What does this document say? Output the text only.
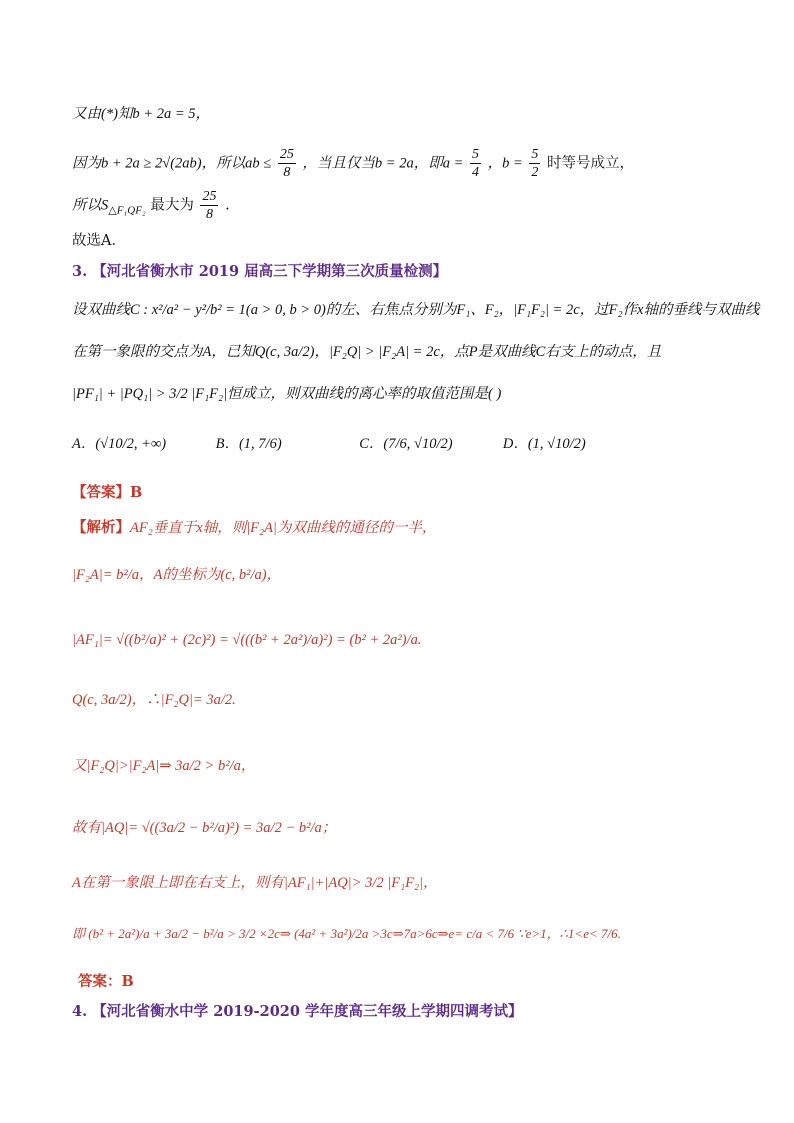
又由(*)知b + 2a = 5，
因为b + 2a ≥ 2√(2ab)，所以ab ≤ $\frac{25}{8}$ ，当且仅当b = 2a，即$a = \frac{5}{4}$ ，$b = \frac{5}{2}$ 时等号成立，
所以$S_{\triangle F_1QF_2}$ 最大为 $\frac{25}{8}$ .
故选A．
3. 【河北省衡水市 2019 届高三下学期第三次质量检测】
设双曲线C : x²/a² − y²/b² = 1(a > 0, b > 0)的左、右焦点分别为F₁、F₂，|F₁F₂| = 2c，过F₂作x轴的垂线与双曲线
在第一象限的交点为A，已知Q(c, 3a/2)，|F₂Q| > |F₂A| = 2c，点P是双曲线C右支上的动点，且
|PF₁| + |PQ₁| > 3/2 |F₁F₂|恒成立，则双曲线的离心率的取值范围是( )
A．(√10/2, +∞)	B．(1, 7/6)	C．(7/6, √10/2)	D．(1, √10/2)
【答案】B
【解析】AF₂垂直于x轴，则|F₂A|为双曲线的通径的一半，
|F₂A|= b²/a，A的坐标为(c, b²/a)，
|AF₁|= √((b²/a)² + (2c)²) = √(((b² + 2a²)/a)²) = (b² + 2a²)/a.
Q(c, 3a/2)，∴|F₂Q|= 3a/2.
又|F₂Q|>|F₂A|⇒ 3a/2 > b²/a，
故有|AQ|= √((3a/2 − b²/a)²) = 3a/2 − b²/a；
A在第一象限上即在右支上，则有|AF₁|+|AQ|> 3/2 |F₁F₂|，
即 (b² + 2a²)/a + 3a/2 − b²/a > 3/2 ×2c⇒ (4a² + 3a²)/2a >3c⇒7a>6c⇒e= c/a < 7/6 ∵e>1，∴1<e< 7/6.
答案：B
4. 【河北省衡水中学 2019-2020 学年度高三年级上学期四调考试】
